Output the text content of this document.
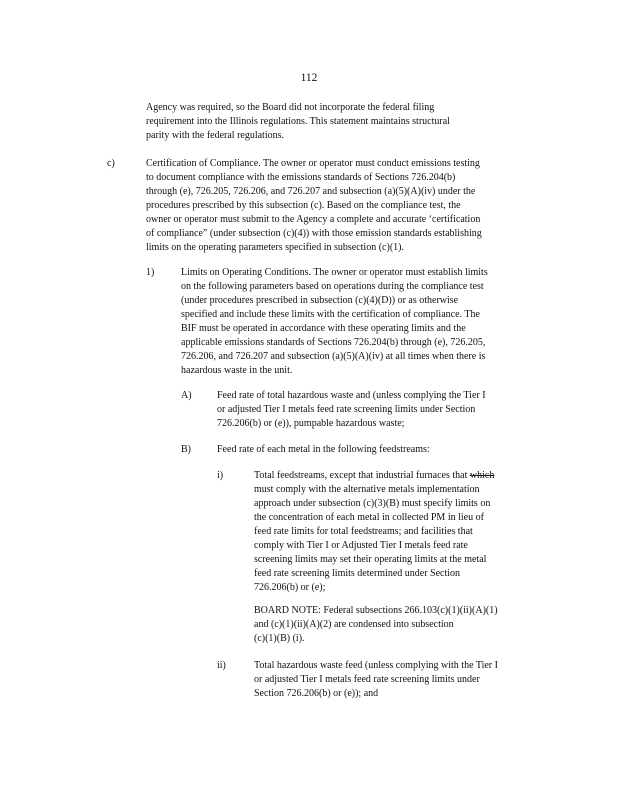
112

Agency was required, so the Board did not incorporate the federal filing

requirement into the Illinois regulations. This statement maintains structural

parity with the federal regulations.

c)	Certification of Compliance. The owner or operator must conduct emissions testing

to document compliance with the emissions standards of Sections 726.204(b)

through (e), 726.205, 726.206, and 726.207 and subsection (a)(5)(A)(iv) under the

procedures prescribed by this subsection (c). Based on the compliance test, the

owner or operator must submit to the Agency a complete and accurate ‘certification

of compliance” (under subsection (c)(4)) with those emission standards establishing

limits on the operating parameters specified in subsection (c)(1).

1)	Limits on Operating Conditions. The owner or operator must establish limits

on the following parameters based on operations during the compliance test

(under procedures prescribed in subsection (c)(4)(D)) or as otherwise

specified and include these limits with the certification of compliance. The

BIF must be operated in accordance with these operating limits and the

applicable emissions standards of Sections 726.204(b) through (e), 726.205,

726.206, and 726.207 and subsection (a)(5)(A)(iv) at all times when there is

hazardous waste in the unit.

A)	Feed rate of total hazardous waste and (unless complying the Tier I

or adjusted Tier I metals feed rate screening limits under Section

726.206(b) or (e)), pumpable hazardous waste;

B)	Feed rate of each metal in the following feedstreams:

i)	Total feedstreams, except that industrial furnaces that which

must comply with the alternative metals implementation

approach under subsection (c)(3)(B) must specify limits on

the concentration of each metal in collected PM in lieu of

feed rate limits for total feedstreams; and facilities that

comply with Tier I or Adjusted Tier I metals feed rate

screening limits may set their operating limits at the metal

feed rate screening limits determined under Section

726.206(b) or (e);

BOARD NOTE: Federal subsections 266.103(c)(1)(ii)(A)(1)

and (c)(1)(ii)(A)(2) are condensed into subsection

(c)(1)(B) (i).

ii)	Total hazardous waste feed (unless complying with the Tier I

or adjusted Tier I metals feed rate screening limits under

Section 726.206(b) or (e)); and
